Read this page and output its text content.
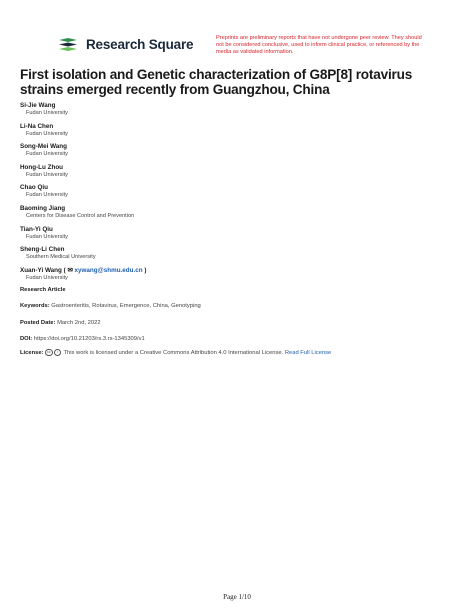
Research Square	Preprints are preliminary reports that have not undergone peer review. They should not be considered conclusive, used to inform clinical practice, or referenced by the media as validated information.
First isolation and Genetic characterization of G8P[8] rotavirus strains emerged recently from Guangzhou, China
Si-Jie Wang
Fudan University
Li-Na Chen
Fudan University
Song-Mei Wang
Fudan University
Hong-Lu Zhou
Fudan University
Chao Qiu
Fudan University
Baoming Jiang
Centers for Disease Control and Prevention
Tian-Yi Qiu
Fudan University
Sheng-Li Chen
Southern Medical University
Xuan-Yi Wang ( ✉ xywang@shmu.edu.cn )
Fudan University
Research Article
Keywords: Gastroenteritis, Rotavirus, Emergence, China, Genotyping
Posted Date: March 2nd, 2022
DOI: https://doi.org/10.21203/rs.3.rs-1345309/v1
License: cc i This work is licensed under a Creative Commons Attribution 4.0 International License. Read Full License
Page 1/10
